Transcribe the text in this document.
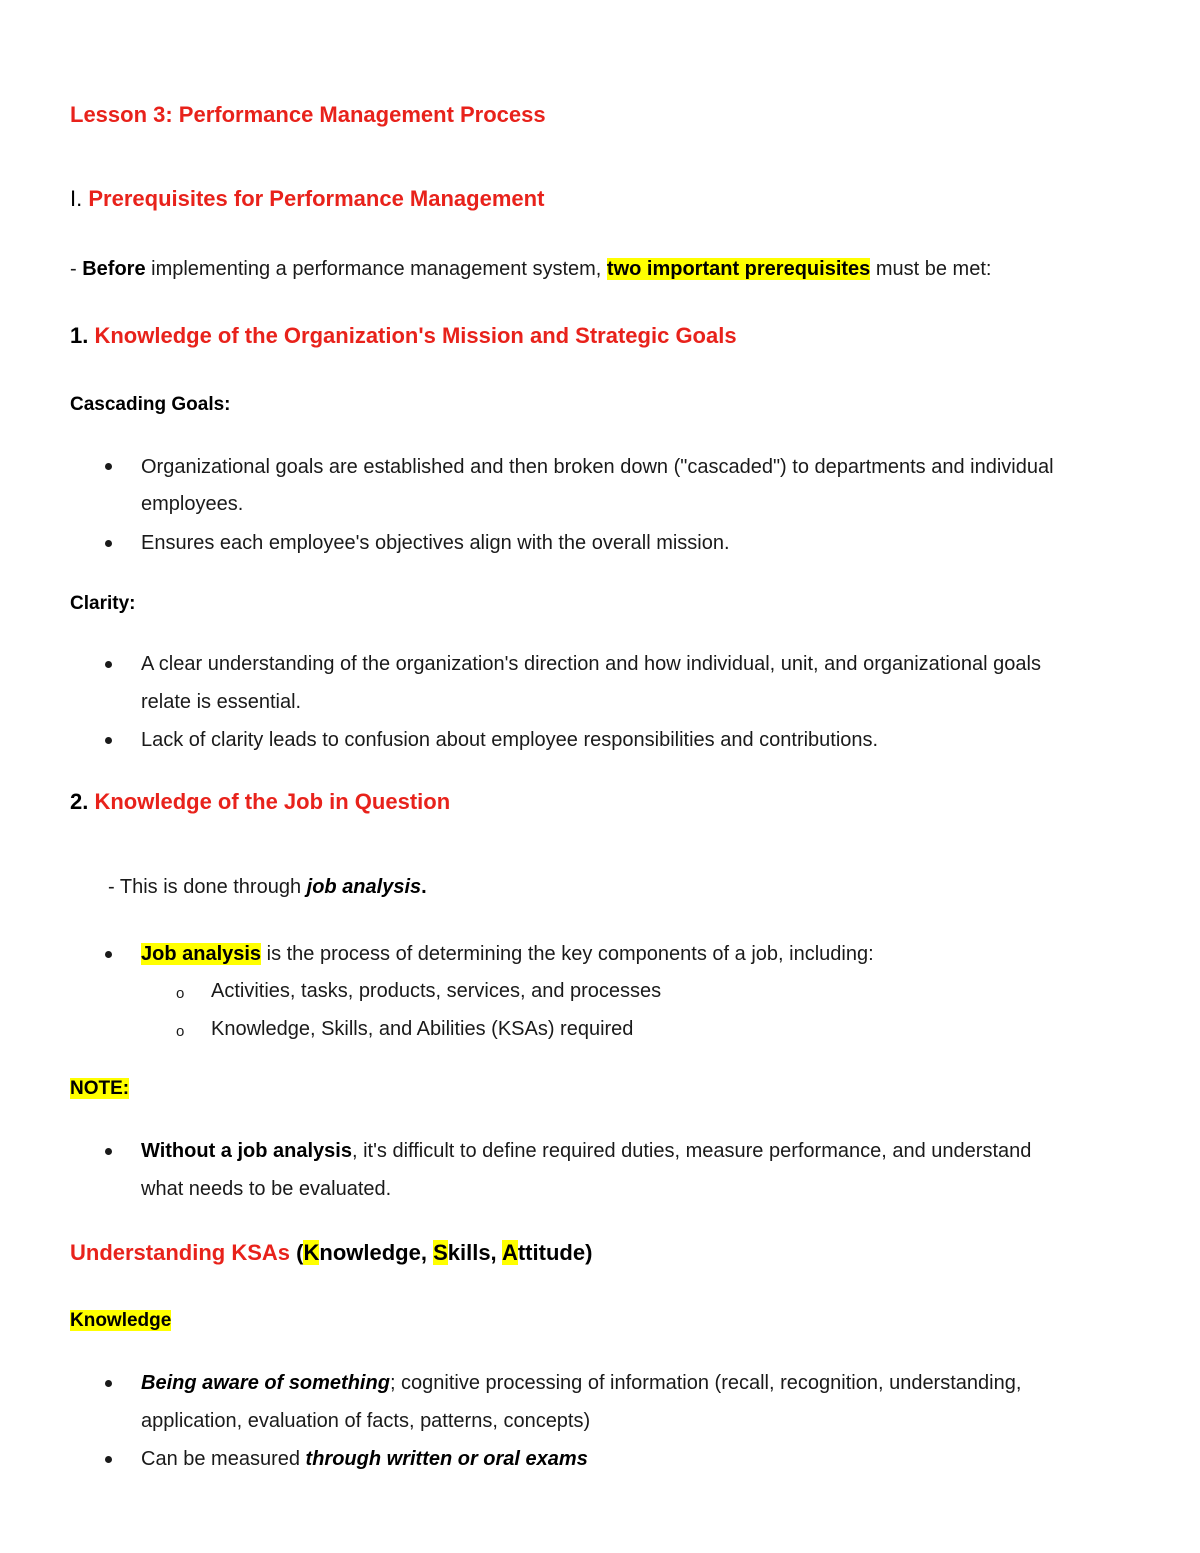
Lesson 3: Performance Management Process
I. Prerequisites for Performance Management
- Before implementing a performance management system, two important prerequisites must be met:
1. Knowledge of the Organization's Mission and Strategic Goals
Cascading Goals:
Organizational goals are established and then broken down ("cascaded") to departments and individual
employees.
Ensures each employee's objectives align with the overall mission.
Clarity:
A clear understanding of the organization's direction and how individual, unit, and organizational goals
relate is essential.
Lack of clarity leads to confusion about employee responsibilities and contributions.
2. Knowledge of the Job in Question
- This is done through job analysis.
Job analysis is the process of determining the key components of a job, including:
o Activities, tasks, products, services, and processes
o Knowledge, Skills, and Abilities (KSAs) required
NOTE:
Without a job analysis, it's difficult to define required duties, measure performance, and understand
what needs to be evaluated.
Understanding KSAs (Knowledge, Skills, Attitude)
Knowledge
Being aware of something; cognitive processing of information (recall, recognition, understanding,
application, evaluation of facts, patterns, concepts)
Can be measured through written or oral exams
